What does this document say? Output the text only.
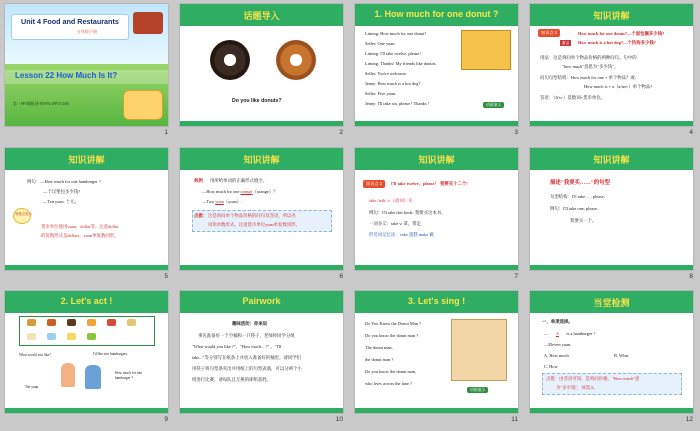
Unit 4 Food and Restaurants
五年级下册
Lesson 22 How Much Is It?
第一PPT模板网-WWW.1PPT.COM
1
话题导入
Do you like donuts?
2
1. How much for one donut ?
Liming: How much for one donut?
Seller: One yuan.
Liming: I'll take twelve, please!
Liming: Thanks! My friends like donuts.
Seller: You're welcome.
Jenny: How much is a hot dog?
Seller: Five yuan.
Jenny: I'll take six, please ! Thanks !	动画演示
3
知识讲解
知识点 1
重点
How much for one donut?—个面包圈多少钱?
How much is a hot dog?—个热狗多少钱?
用法：这是询问单个物品价格的两种问句。句中的
"how much"意思为"多少钱"。
问句句型结构：How much for one + 单个物品？或:
How much is + a（a/an+）单个物品?
答语：（It's+）基数词+货币单位。
4
知识讲解
例句：—How much for one hamburger ?
—个汉堡包多少钱?
—Ten yuan. 十元。
易错点提示
货币单位使用yuan，dollar等。注意dollar
的复数形式是dollars，yuan单复数同形。
5
知识讲解
典例 用所给单词的正确形式填空。
—How much for one orange（orange）？
—Two yuan（yuan）.
点拨： 这是询问单个物品价格的问句及答语，所以名
词用单数形式。注意货币单位yuan单复数同形。
6
知识讲解
知识点 2	I'll take twelve，please！ 我要买十二个!
take /teik/ v.（动词）买
例句：I'll take this book. 我要买这本书。
一词多义：take v. 拿，带走
形近词记忆法：cake 蛋糕 make 做
7
知识讲解
描述"我要买……"的句型
句型结构：I'll take ... , please.
例句：I'll take one, please.
我要买一个。
8
2. Let's act !
What would you like?	I'd like two hamburgers.
How much for one hamburger ?
Ten yuan.
9
Pairwork
趣味活动：你来说
事先准备好一个空桶和一只筷子，老师将同学分组
"What would you like ?"，"How much... ?" 。"I'll
take..."等分别写在纸条上并放入准备好的桶里。请同学们
用筷子将句型条夹出并用纸上的句型表演，可以分两个小
组进行比赛，请每队且互换的即组获胜。
10
3. Let's sing !
Do You Know the Donut Man ?
Do you know the donut man ?
The donut man,
the donut man ?
Do you know the donut man,
who lives across the lane ?
动画演示
11
当堂检测
一、单项选择。
— A is a hamburger ?
—Eleven yuan.
A. How much	B. What
C. How
点拨：由答语可知，是询问价格。"How much"意
为"多少钱"，故选A。
12
